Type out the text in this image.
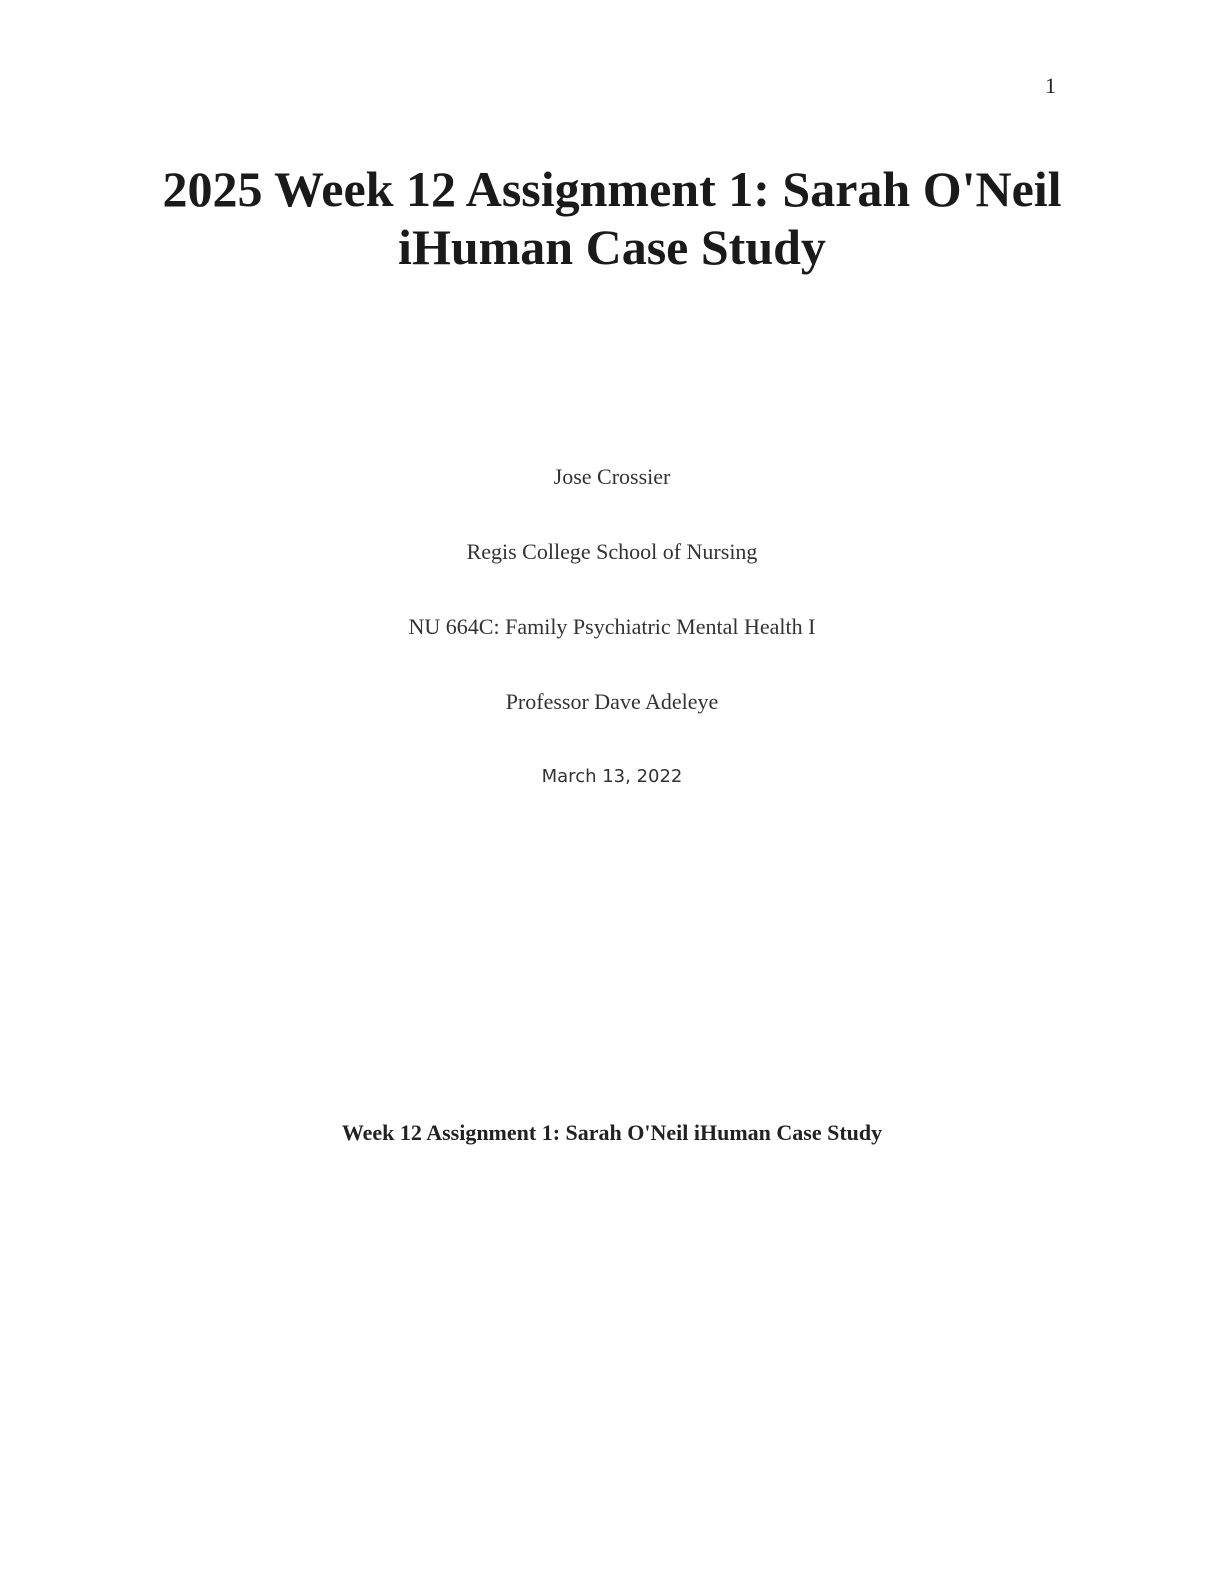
1
2025 Week 12 Assignment 1: Sarah O'Neil
iHuman Case Study
Jose Crossier
Regis College School of Nursing
NU 664C: Family Psychiatric Mental Health I
Professor Dave Adeleye
March 13, 2022
Week 12 Assignment 1: Sarah O'Neil iHuman Case Study
